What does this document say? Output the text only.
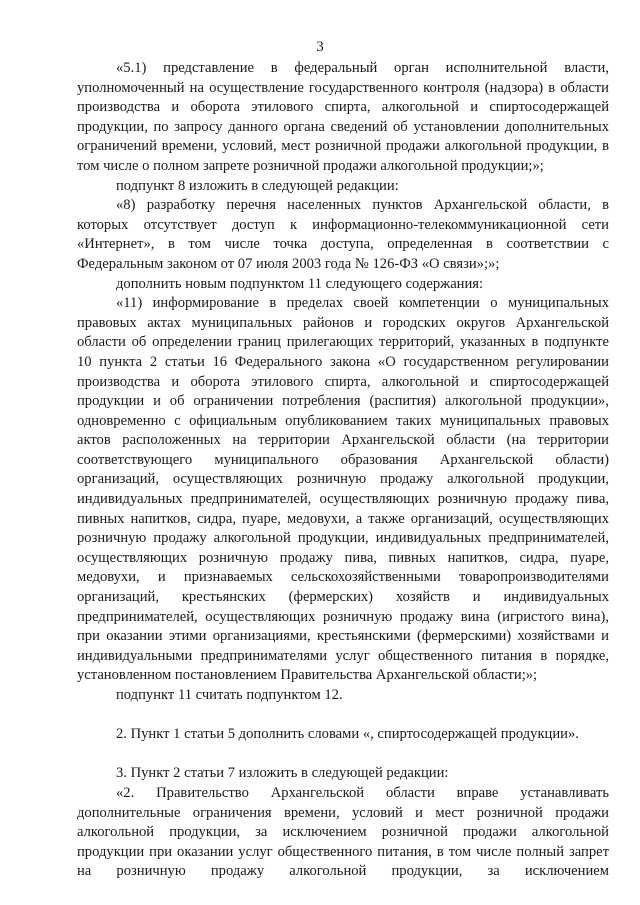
3

«5.1) представление в федеральный орган исполнительной власти, уполномоченный на осуществление государственного контроля (надзора) в области производства и оборота этилового спирта, алкогольной и спиртосодержащей продукции, по запросу данного органа сведений об установлении дополнительных ограничений времени, условий, мест розничной продажи алкогольной продукции, в том числе о полном запрете розничной продажи алкогольной продукции;»;

подпункт 8 изложить в следующей редакции:

«8) разработку перечня населенных пунктов Архангельской области, в которых отсутствует доступ к информационно-телекоммуникационной сети «Интернет», в том числе точка доступа, определенная в соответствии с Федеральным законом от 07 июля 2003 года № 126-ФЗ «О связи»;»;

дополнить новым подпунктом 11 следующего содержания:

«11) информирование в пределах своей компетенции о муниципальных правовых актах муниципальных районов и городских округов Архангельской области об определении границ прилегающих территорий, указанных в подпункте 10 пункта 2 статьи 16 Федерального закона «О государственном регулировании производства и оборота этилового спирта, алкогольной и спиртосодержащей продукции и об ограничении потребления (распития) алкогольной продукции», одновременно с официальным опубликованием таких муниципальных правовых актов расположенных на территории Архангельской области (на территории соответствующего муниципального образования Архангельской области) организаций, осуществляющих розничную продажу алкогольной продукции, индивидуальных предпринимателей, осуществляющих розничную продажу пива, пивных напитков, сидра, пуаре, медовухи, а также организаций, осуществляющих розничную продажу алкогольной продукции, индивидуальных предпринимателей, осуществляющих розничную продажу пива, пивных напитков, сидра, пуаре, медовухи, и признаваемых сельскохозяйственными товаропроизводителями организаций, крестьянских (фермерских) хозяйств и индивидуальных предпринимателей, осуществляющих розничную продажу вина (игристого вина), при оказании этими организациями, крестьянскими (фермерскими) хозяйствами и индивидуальными предпринимателями услуг общественного питания в порядке, установленном постановлением Правительства Архангельской области;»;

подпункт 11 считать подпунктом 12.

2. Пункт 1 статьи 5 дополнить словами «, спиртосодержащей продукции».

3. Пункт 2 статьи 7 изложить в следующей редакции:

«2. Правительство Архангельской области вправе устанавливать дополнительные ограничения времени, условий и мест розничной продажи алкогольной продукции, за исключением розничной продажи алкогольной продукции при оказании услуг общественного питания, в том числе полный запрет на розничную продажу алкогольной продукции, за исключением
